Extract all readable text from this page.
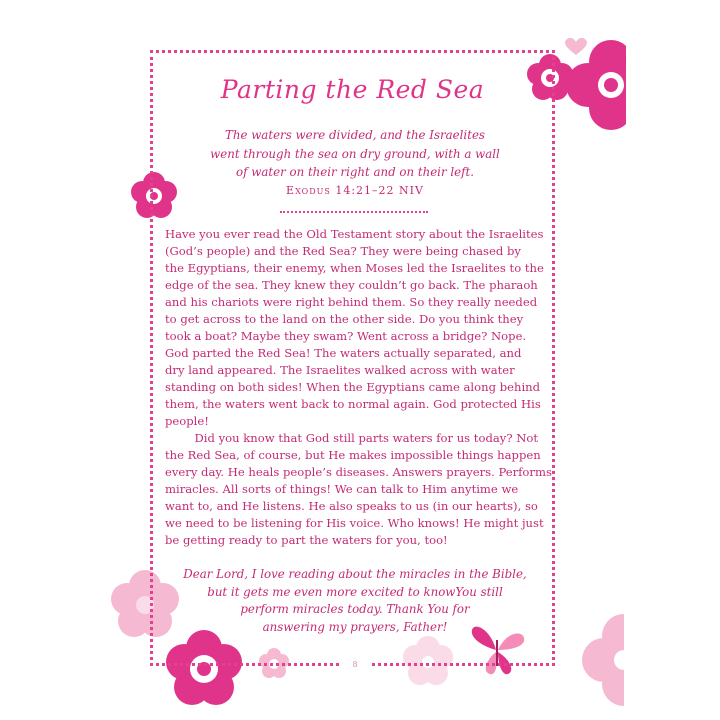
Parting the Red Sea
The waters were divided, and the Israelites
went through the sea on dry ground, with a wall
of water on their right and on their left.
Exodus 14:21–22 NIV
Have you ever read the Old Testament story about the Israelites
(God’s people) and the Red Sea? They were being chased by
the Egyptians, their enemy, when Moses led the Israelites to the
edge of the sea. They knew they couldn’t go back. The pharaoh
and his chariots were right behind them. So they really needed
to get across to the land on the other side. Do you think they
took a boat? Maybe they swam? Went across a bridge? Nope.
God parted the Red Sea! The waters actually separated, and
dry land appeared. The Israelites walked across with water
standing on both sides! When the Egyptians came along behind
them, the waters went back to normal again. God protected His
people!
Did you know that God still parts waters for us today? Not
the Red Sea, of course, but He makes impossible things happen
every day. He heals people’s diseases. Answers prayers. Performs
miracles. All sorts of things! We can talk to Him anytime we
want to, and He listens. He also speaks to us (in our hearts), so
we need to be listening for His voice. Who knows! He might just
be getting ready to part the waters for you, too!
Dear Lord, I love reading about the miracles in the Bible,
but it gets me even more excited to knowYou still
perform miracles today. Thank You for
answering my prayers, Father!
8
